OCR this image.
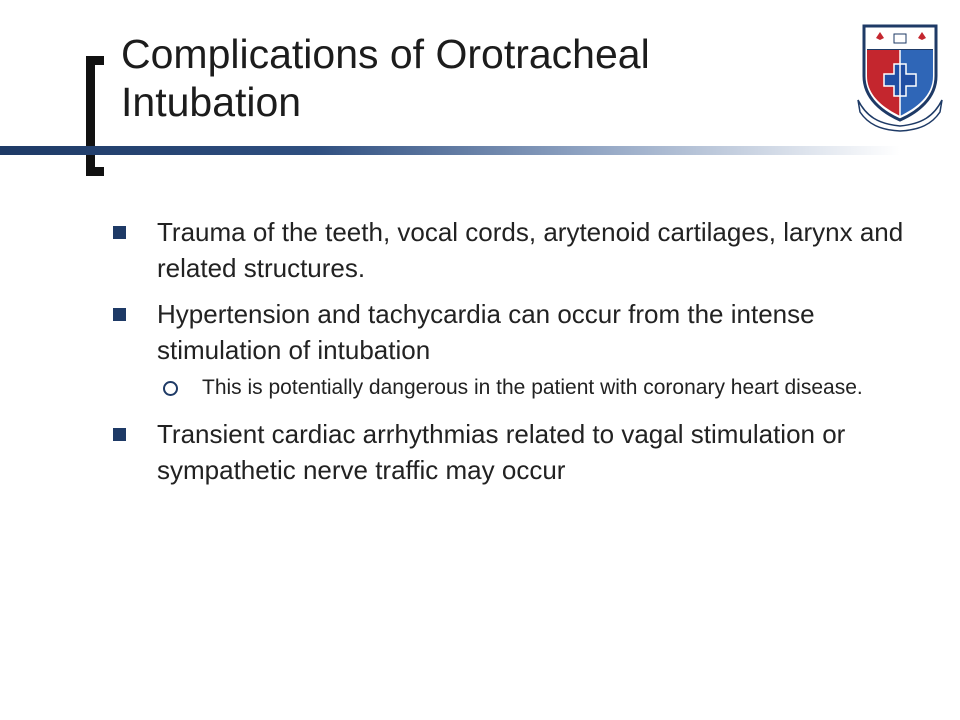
Complications of Orotracheal
Intubation
Trauma of the teeth, vocal cords, arytenoid cartilages, larynx and related structures.
Hypertension and tachycardia can occur from the intense stimulation of intubation
This is potentially dangerous in the patient with coronary heart disease.
Transient cardiac arrhythmias related to vagal stimulation or sympathetic nerve traffic may occur
